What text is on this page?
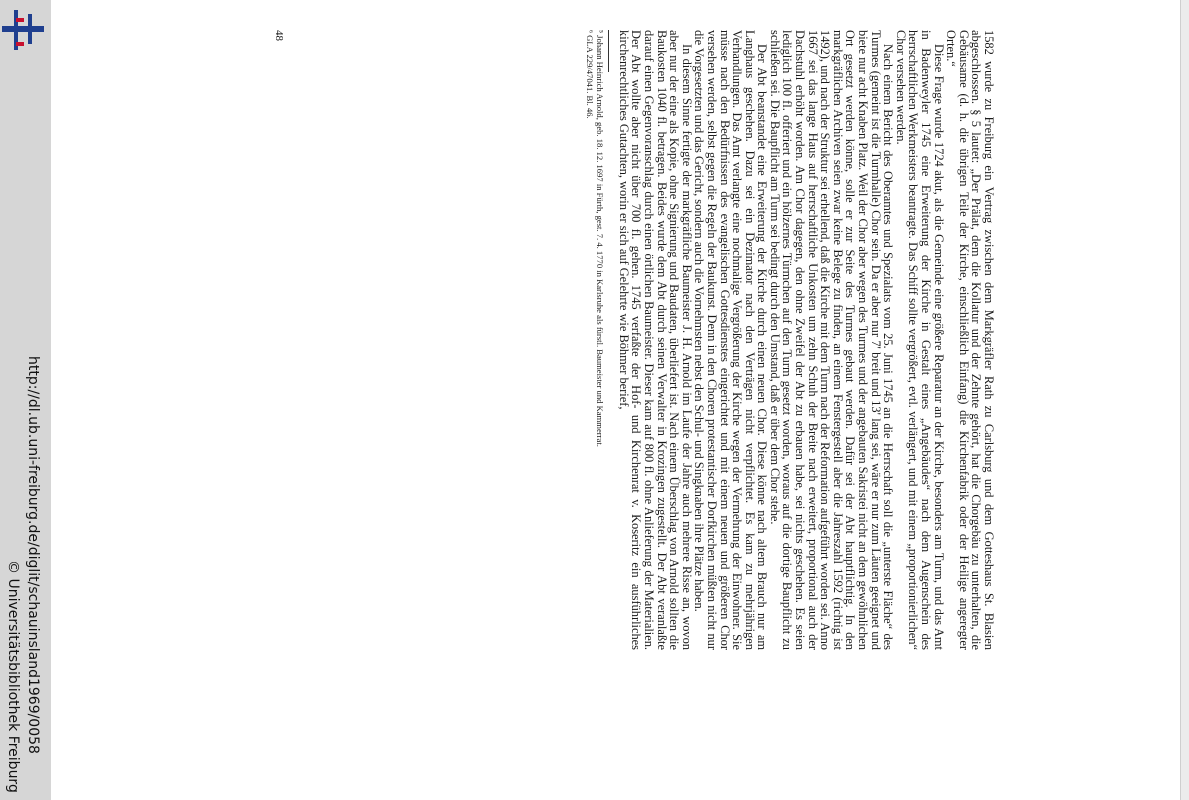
http://dl.ub.uni-freiburg.de/diglit/schauinsland1969/0058
© Universitätsbibliothek Freiburg

1582 wurde zu Freiburg ein Vertrag zwischen dem Markgräfler Rath zu Carlsburg und dem Gotteshaus St. Blasien abgeschlossen. § 5 lautet: „Der Prälat, dem die Kollatur und der Zehnte gehört, hat die Chorgebäu zu unterhalten, die Gebäusame (d. h. die übrigen Teile der Kirche, einschließlich Einfang) die Kirchenfabrik oder der Heilige angeregter Orten.“

Diese Frage wurde 1724 akut, als die Gemeinde eine größere Reparatur an der Kirche, besonders am Turm, und das Amt in Badenweyler 1745 eine Erweiterung der Kirche in Gestalt eines „Angebäudes“ nach dem Augenschein des herrschaftlichen Werkmeisters beantragte. Das Schiff sollte vergrößert, evtl. verlängert, und mit einem „proportionierlichen“ Chor versehen werden.

Nach einem Bericht des Oberamtes und Spezialats vom 25. Juni 1745 an die Herrschaft soll die „unterste Fläche“ des Turmes (gemeint ist die Turmhalle) Chor sein. Da er aber nur 7' breit und 13' lang sei, wäre er nur zum Läuten geeignet und biete nur acht Knaben Platz. Weil der Chor aber wegen des Turmes und der angebauten Sakristei nicht an dem gewöhnlichen Ort gesetzt werden könne, solle er zur Seite des Turmes gebaut werden. Dafür sei der Abt hauptflichtig. In den markgräflichen Archiven seien zwar keine Belege zu finden, an einem Fenstergestell aber die Jahreszahl 1592 (richtig ist 1492), und nach der Struktur sei erhellend, daß die Kirche mit dem Turm nach der Reformation aufgeführt worden sei. Anno 1667 sei das lange Haus auf herrschaftliche Unkosten um zehn Schuh der Breite nach erweitert, proportional auch der Dachstuhl erhöht worden. Am Chor dagegen, den ohne Zweifel der Abt zu erbauen habe, sei nichts geschehen. Es seien lediglich 100 fl. offeriert und ein hölzernes Türmchen auf den Turm gesetzt worden, woraus auf die dortige Baupflicht zu schließen sei. Die Baupflicht am Turm sei bedingt durch den Umstand, daß er über dem Chor stehe.

Der Abt beanstandet eine Erweiterung der Kirche durch einen neuen Chor. Diese könne nach altem Brauch nur am Langhaus geschehen. Dazu sei ein Dezimator nach den Verträgen nicht verpflichtet. Es kam zu mehrjährigen Verhandlungen. Das Amt verlangte eine nochmalige Vergrößerung der Kirche wegen der Vermehrung der Einwohner. Sie müsse nach den Bedürfnissen des evangelischen Gottesdienstes eingerichtet und mit einem neuen und größeren Chor versehen werden, selbst gegen die Regeln der Baukunst. Denn in den Choren protestantischer Dorfkirchen müßten nicht nur die Vorgesetzten und das Gericht, sondern auch die Vornehmsten nebst den Schul- und Singknaben ihre Plätze haben.

In diesem Sinne fertigte der markgräfliche Baumeister J. H. Arnold im Laufe der Jahre auch mehrere Risse an, wovon aber nur der eine als Kopie, ohne Signierung und Baudaten, überliefert ist. Nach einem Überschlag von Arnold sollten die Baukosten 1040 fl. betragen. Beides wurde dem Abt durch seinen Verwalter in Krozingen zugestellt. Der Abt veranlaßte darauf einen Gegenvoranschlag durch einen örtlichen Baumeister. Dieser kam auf 800 fl. ohne Anlieferung der Materialien. Der Abt wollte aber nicht über 700 fl. gehen. 1745 verfaßte der Hof- und Kirchenrat v. Koseritz ein ausführliches kirchenrechtliches Gutachten, worin er sich auf Gelehrte wie Böhmer berief,

⁵ Johann Heinrich Arnold, geb. 18. 12. 1697 in Fürth, gest. 7. 4. 1770 in Karlsruhe als fürstl. Baumeister und Kammerrat.

⁶ GLA 229/47041. Bl. 46.

48
